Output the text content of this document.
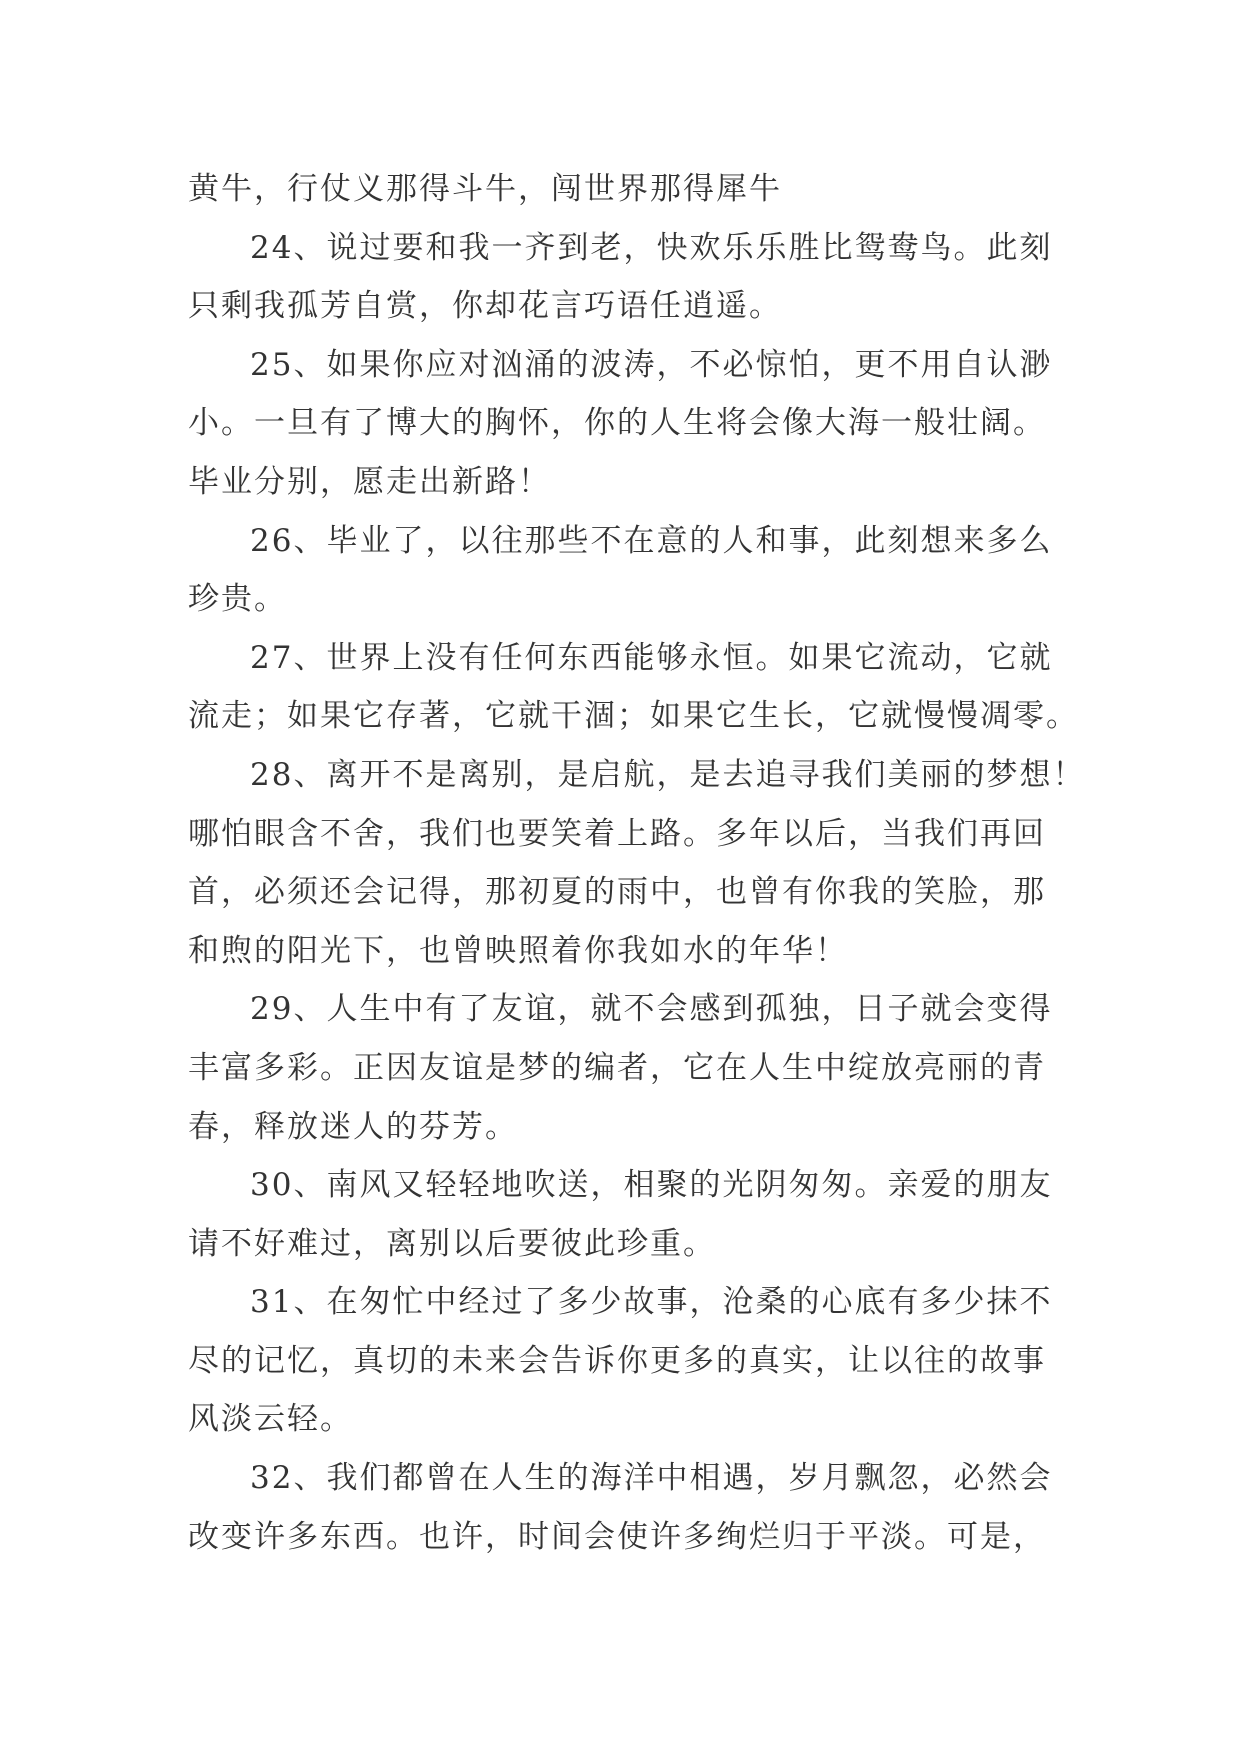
黄牛，行仗义那得斗牛，闯世界那得犀牛

24、说过要和我一齐到老，快欢乐乐胜比鸳鸯鸟。此刻
只剩我孤芳自赏，你却花言巧语任逍遥。

25、如果你应对汹涌的波涛，不必惊怕，更不用自认渺
小。一旦有了博大的胸怀，你的人生将会像大海一般壮阔。
毕业分别，愿走出新路！

26、毕业了，以往那些不在意的人和事，此刻想来多么
珍贵。

27、世界上没有任何东西能够永恒。如果它流动，它就
流走；如果它存著，它就干涸；如果它生长，它就慢慢凋零。

28、离开不是离别，是启航，是去追寻我们美丽的梦想！
哪怕眼含不舍，我们也要笑着上路。多年以后，当我们再回
首，必须还会记得，那初夏的雨中，也曾有你我的笑脸，那
和煦的阳光下，也曾映照着你我如水的年华！

29、人生中有了友谊，就不会感到孤独，日子就会变得
丰富多彩。正因友谊是梦的编者，它在人生中绽放亮丽的青
春，释放迷人的芬芳。

30、南风又轻轻地吹送，相聚的光阴匆匆。亲爱的朋友
请不好难过，离别以后要彼此珍重。

31、在匆忙中经过了多少故事，沧桑的心底有多少抹不
尽的记忆，真切的未来会告诉你更多的真实，让以往的故事
风淡云轻。

32、我们都曾在人生的海洋中相遇，岁月飘忽，必然会
改变许多东西。也许，时间会使许多绚烂归于平淡。可是，
